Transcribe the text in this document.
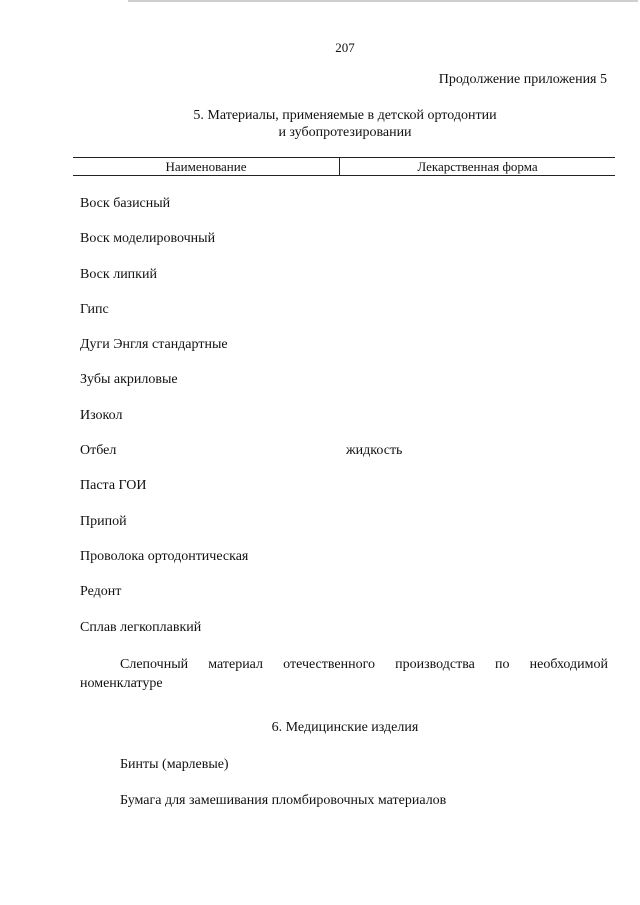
207
Продолжение приложения 5
5. Материалы, применяемые в детской ортодонтии
и зубопротезировании
Наименование	Лекарственная форма
Воск базисный
Воск моделировочный
Воск липкий
Гипс
Дуги Энгля стандартные
Зубы акриловые
Изокол
Отбел	жидкость
Паста ГОИ
Припой
Проволока ортодонтическая
Редонт
Сплав легкоплавкий
Слепочный материал отечественного производства по необходимой номенклатуре
6. Медицинские изделия
Бинты (марлевые)
Бумага для замешивания пломбировочных материалов
